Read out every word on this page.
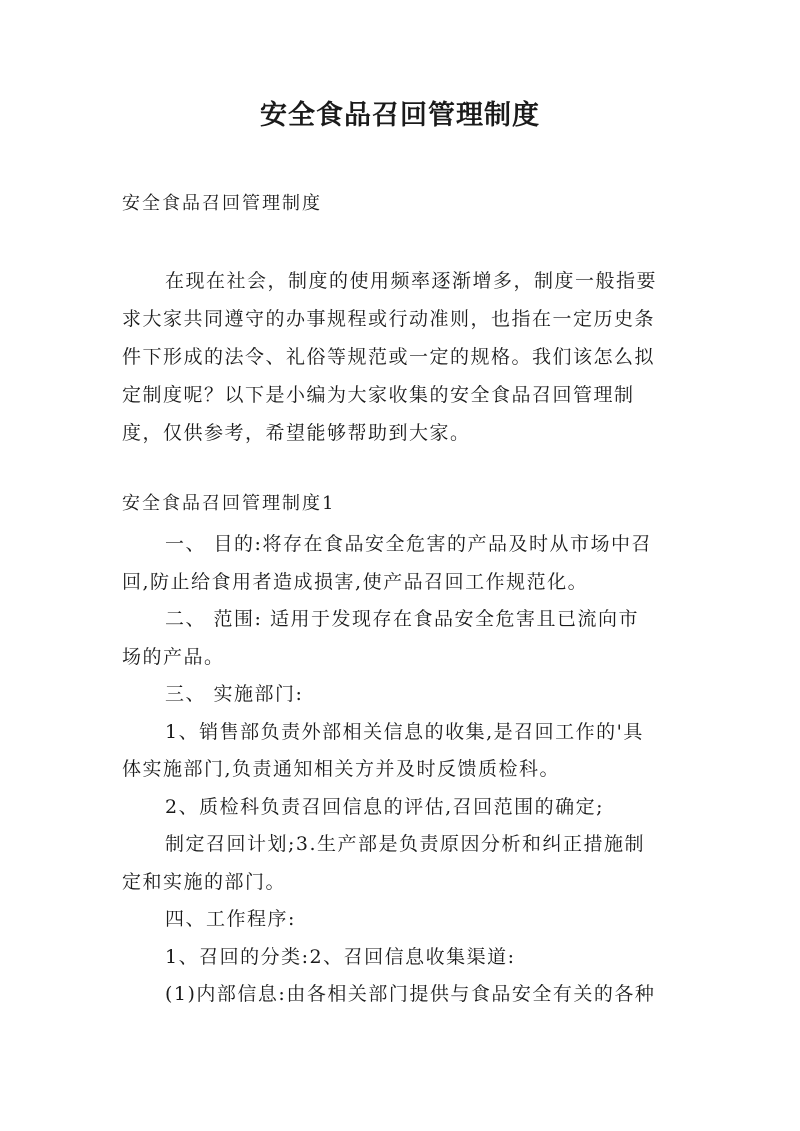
安全食品召回管理制度

安全食品召回管理制度

在现在社会，制度的使用频率逐渐增多，制度一般指要
求大家共同遵守的办事规程或行动准则，也指在一定历史条
件下形成的法令、礼俗等规范或一定的规格。我们该怎么拟
定制度呢？以下是小编为大家收集的安全食品召回管理制
度，仅供参考，希望能够帮助到大家。

安全食品召回管理制度1

一、 目的:将存在食品安全危害的产品及时从市场中召
回,防止给食用者造成损害,使产品召回工作规范化。
二、 范围: 适用于发现存在食品安全危害且已流向市
场的产品。
三、 实施部门:
1、销售部负责外部相关信息的收集,是召回工作的'具
体实施部门,负责通知相关方并及时反馈质检科。
2、质检科负责召回信息的评估,召回范围的确定;
制定召回计划;3.生产部是负责原因分析和纠正措施制
定和实施的部门。
四、工作程序:
1、召回的分类:2、召回信息收集渠道:
(1)内部信息:由各相关部门提供与食品安全有关的各种
